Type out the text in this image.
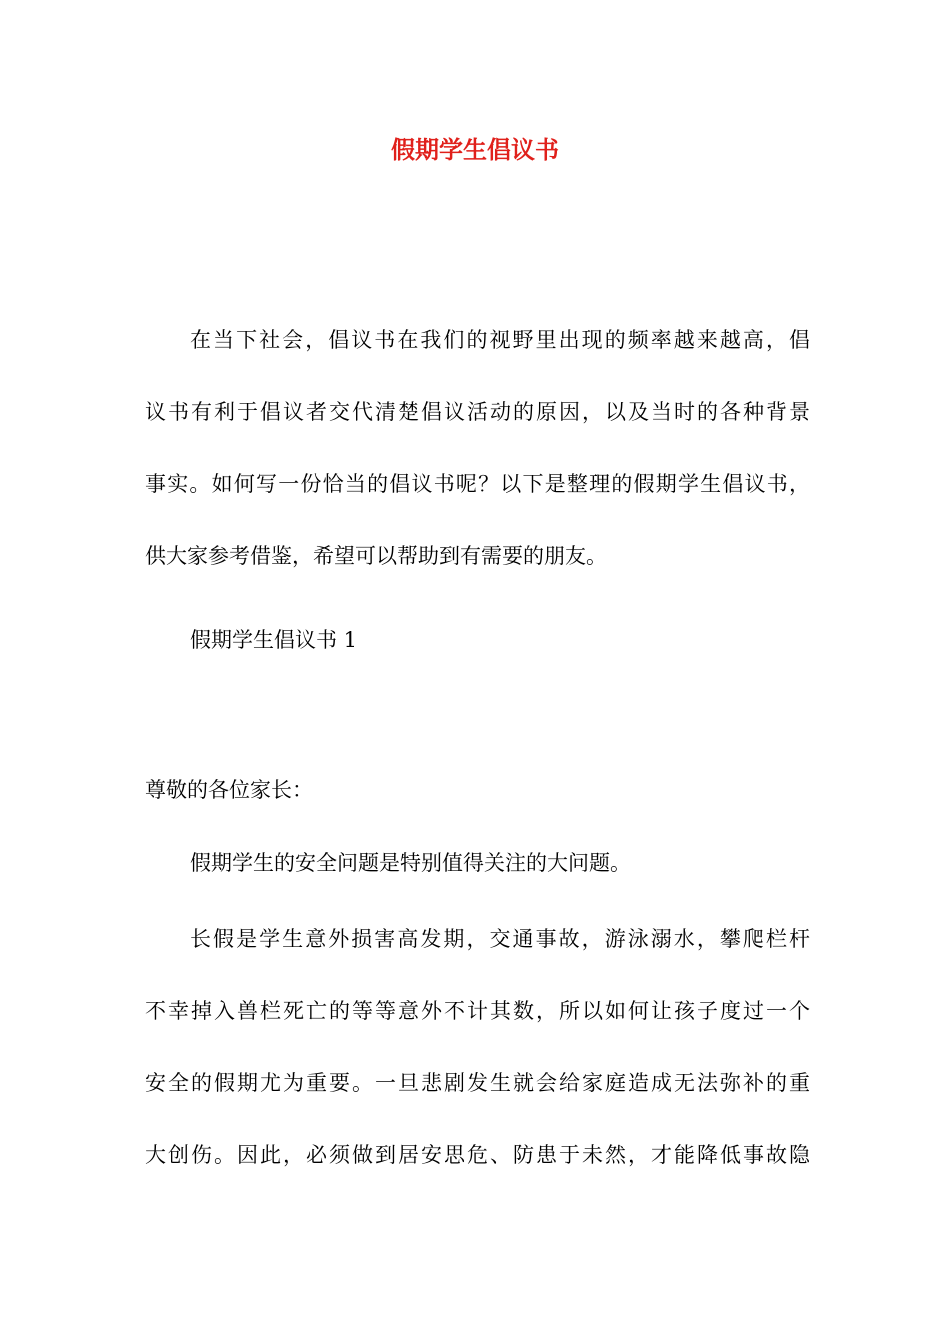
假期学生倡议书
在当下社会，倡议书在我们的视野里出现的频率越来越高，倡
议书有利于倡议者交代清楚倡议活动的原因，以及当时的各种背景
事实。如何写一份恰当的倡议书呢？以下是整理的假期学生倡议书，
供大家参考借鉴，希望可以帮助到有需要的朋友。

假期学生倡议书 1

尊敬的各位家长：

假期学生的安全问题是特别值得关注的大问题。

长假是学生意外损害高发期，交通事故，游泳溺水，攀爬栏杆
不幸掉入兽栏死亡的等等意外不计其数，所以如何让孩子度过一个
安全的假期尤为重要。一旦悲剧发生就会给家庭造成无法弥补的重
大创伤。因此，必须做到居安思危、防患于未然，才能降低事故隐
